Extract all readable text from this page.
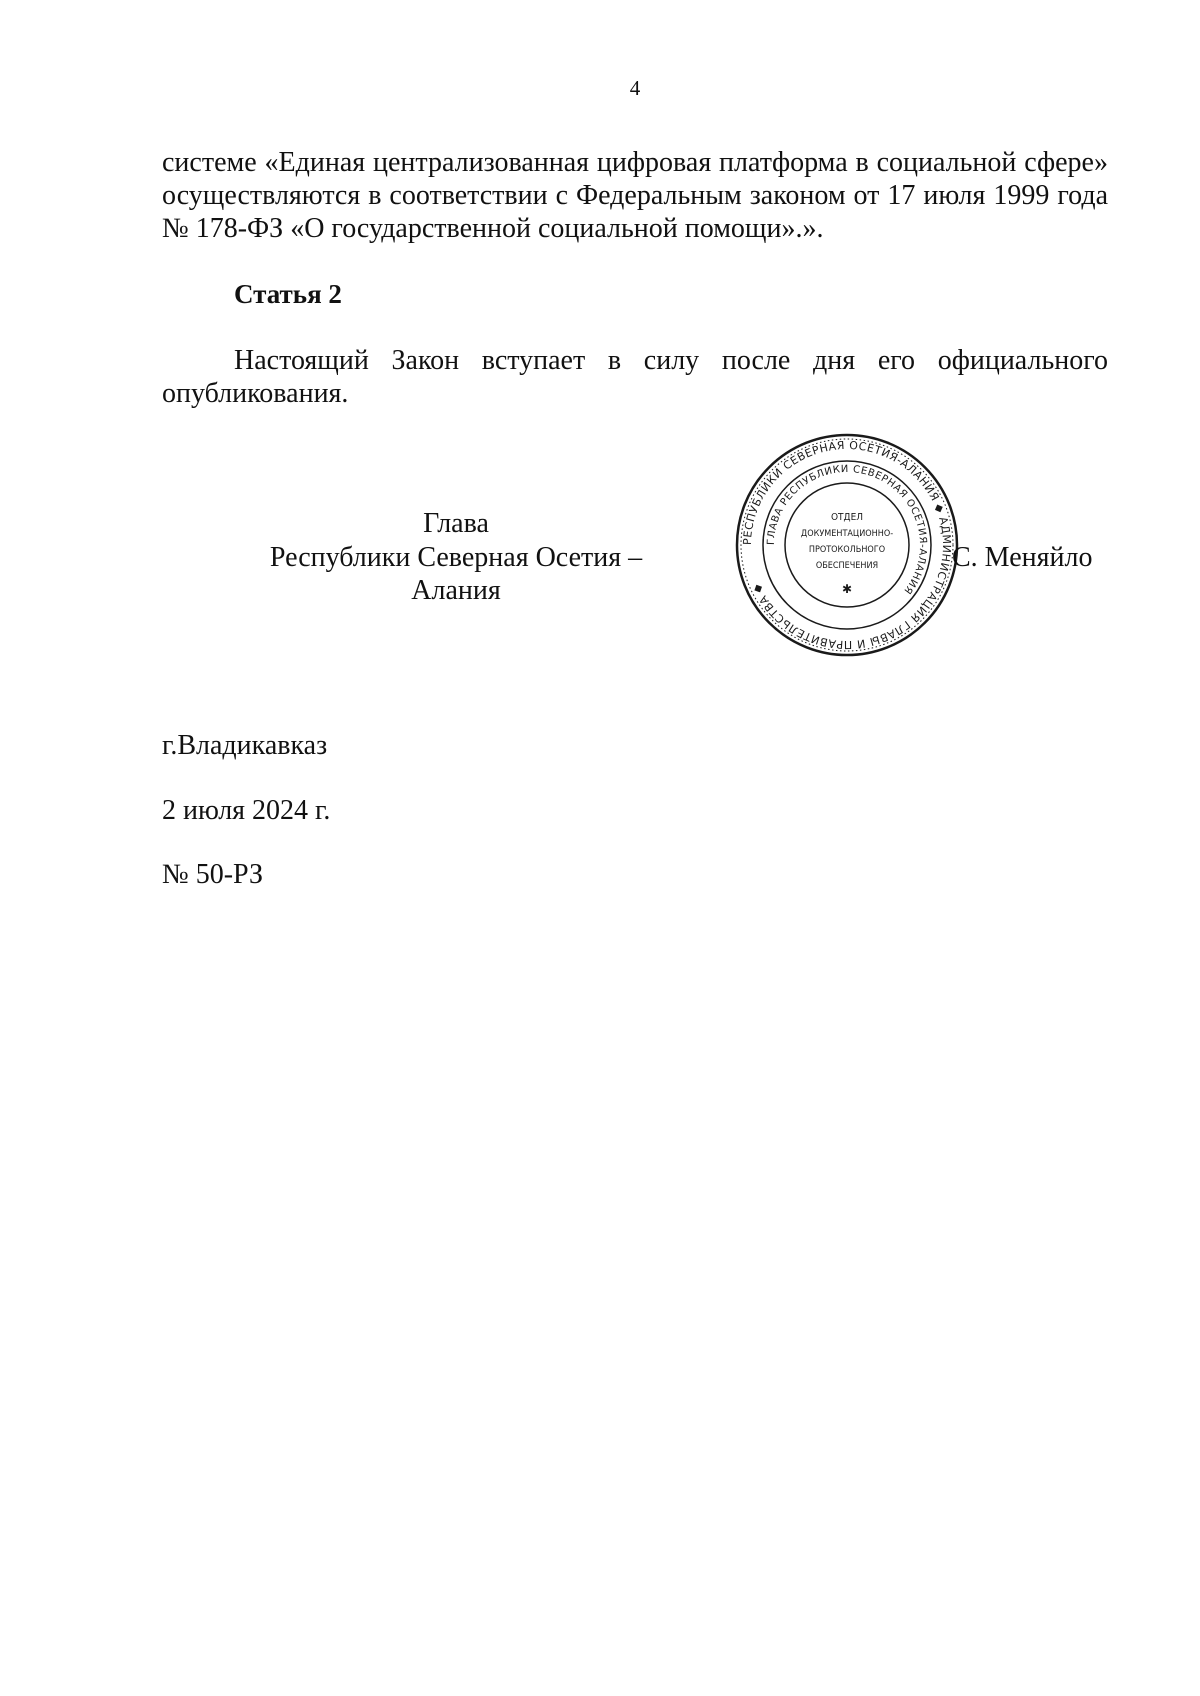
4
системе «Единая централизованная цифровая платформа в социальной сфере» осуществляются в соответствии с Федеральным законом от 17 июля 1999 года № 178-ФЗ «О государственной социальной помощи».».
Статья 2
Настоящий Закон вступает в силу после дня его официального опубликования.
Глава
Республики Северная Осетия – Алания
РЕСПУБЛИКИ СЕВЕРНАЯ ОСЕТИЯ-АЛАНИЯ ◆ АДМИНИСТРАЦИЯ ГЛАВЫ И ПРАВИТЕЛЬСТВА ◆
ГЛАВА РЕСПУБЛИКИ СЕВЕРНАЯ ОСЕТИЯ-АЛАНИЯ
ОТДЕЛ
ДОКУМЕНТАЦИОННО-
ПРОТОКОЛЬНОГО
ОБЕСПЕЧЕНИЯ
✱
С. Меняйло
г.Владикавказ
2 июля 2024 г.
№ 50-РЗ
